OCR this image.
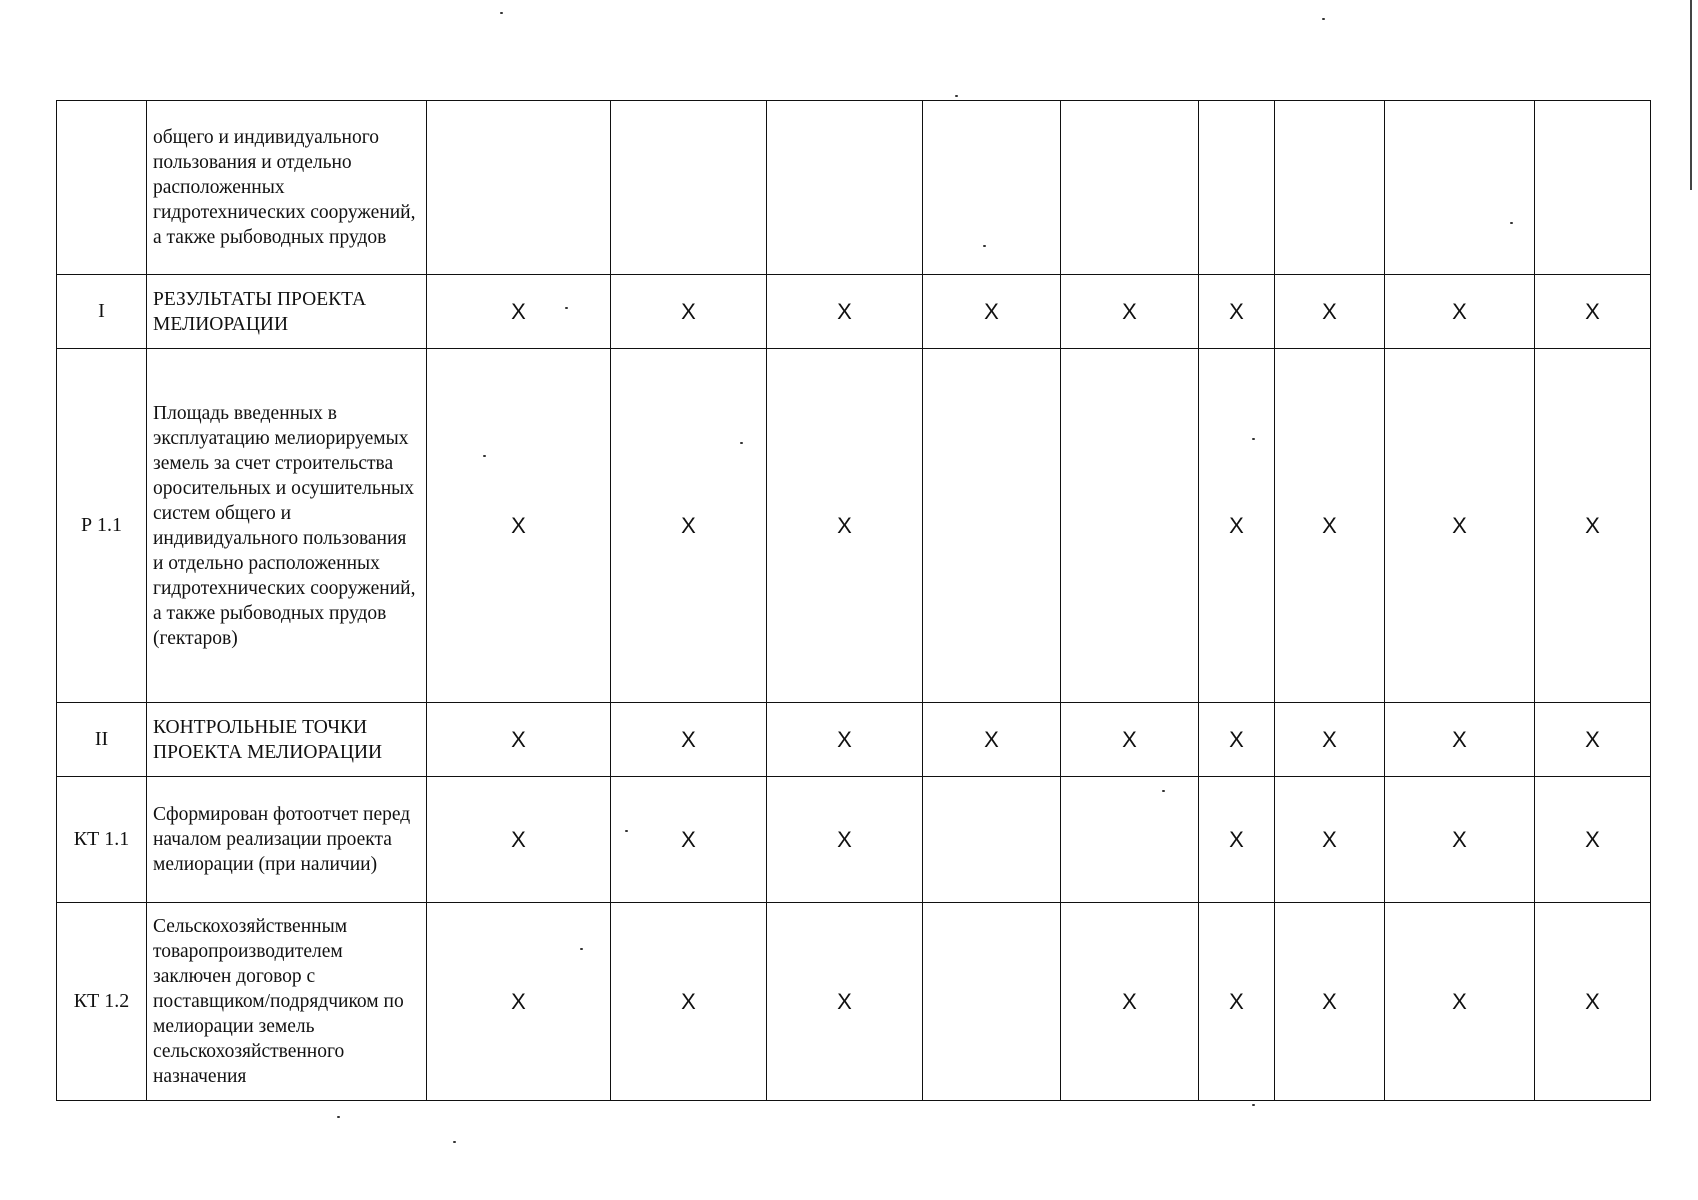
	общего и индивидуального пользования и отдельно расположенных гидротехнических сооружений, а также рыбоводных прудов									
I	РЕЗУЛЬТАТЫ ПРОЕКТА МЕЛИОРАЦИИ	X	X	X	X	X	X	X	X	X
Р 1.1	Площадь введенных в эксплуатацию мелиорируемых земель за счет строительства оросительных и осушительных систем общего и индивидуального пользования и отдельно расположенных гидротехнических сооружений, а также рыбоводных прудов (гектаров)	X	X	X			X	X	X	X
II	КОНТРОЛЬНЫЕ ТОЧКИ ПРОЕКТА МЕЛИОРАЦИИ	X	X	X	X	X	X	X	X	X
КТ 1.1	Сформирован фотоотчет перед началом реализации проекта мелиорации (при наличии)	X	X	X			X	X	X	X
КТ 1.2	Сельскохозяйственным товаропроизводителем заключен договор с поставщиком/подрядчиком по мелиорации земель сельскохозяйственного назначения	X	X	X		X	X	X	X	X
